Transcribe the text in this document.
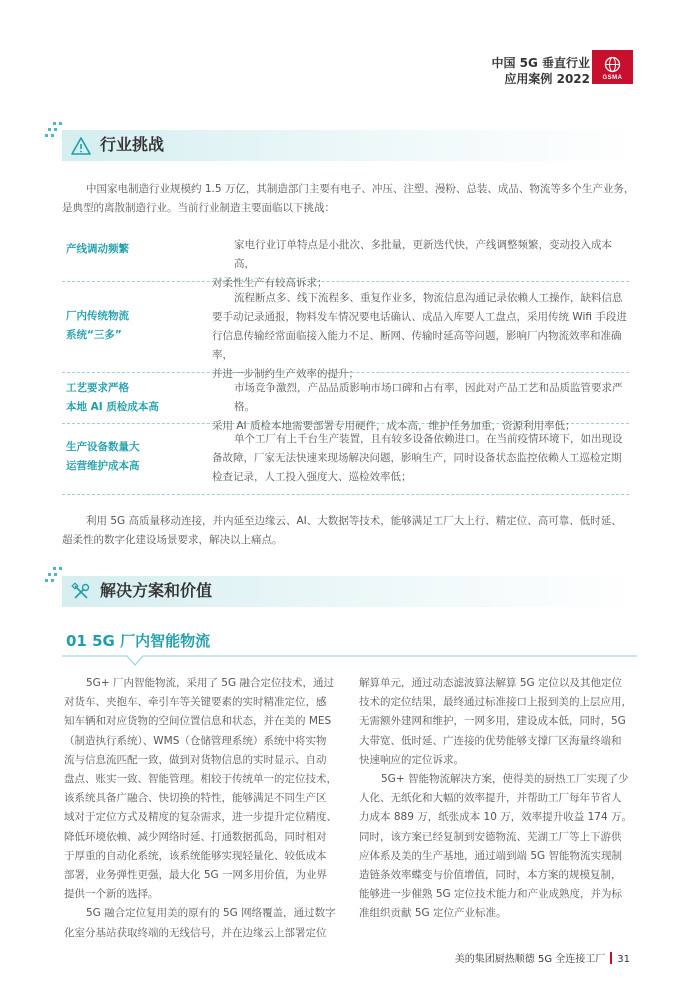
中国 5G 垂直行业
应用案例 2022	GSMA
行业挑战
中国家电制造行业规模约 1.5 万亿，其制造部门主要有电子、冲压、注塑、漫粉、总装、成品、物流等多个生产业务，
是典型的离散制造行业。当前行业制造主要面临以下挑战：
产线调动频繁	家电行业订单特点是小批次、多批量，更新迭代快，产线调整频繁，变动投入成本高，
对柔性生产有较高诉求；
厂内传统物流
系统“三多”
流程断点多、线下流程多、重复作业多，物流信息沟通记录依赖人工操作，缺料信息
要手动记录通报，物料发车情况要电话确认、成品入库要人工盘点，采用传统 Wifi 手段进
行信息传输经常面临接入能力不足、断网、传输时延高等问题，影响厂内物流效率和准确率，
并进一步制约生产效率的提升；
工艺要求严格
本地 AI 质检成本高
市场竞争激烈，产品品质影响市场口碑和占有率，因此对产品工艺和品质监管要求严格。
采用 AI 质检本地需要部署专用硬件，成本高，维护任务加重，资源利用率低；
生产设备数量大
运营维护成本高
单个工厂有上千台生产装置，且有较多设备依赖进口。在当前疫情环境下，如出现设
备故障，厂家无法快速来现场解决问题，影响生产，同时设备状态监控依赖人工巡检定期
检查记录，人工投入强度大、巡检效率低；
利用 5G 高质量移动连接，并内延至边缘云、AI、大数据等技术，能够满足工厂大上行、精定位、高可靠、低时延、
超柔性的数字化建设场景要求，解决以上痛点。
解决方案和价值
01 5G 厂内智能物流
5G+ 厂内智能物流，采用了 5G 融合定位技术，通过
对货车、夹抱车、牵引车等关键要素的实时精准定位，感
知车辆和对应货物的空间位置信息和状态，并在美的 MES
（制造执行系统）、WMS（仓储管理系统）系统中将实物
流与信息流匹配一致，做到对货物信息的实时显示、自动
盘点、账实一致、智能管理。相较于传统单一的定位技术，
该系统具备广融合、快切换的特性，能够满足不同生产区
域对于定位方式及精度的复杂需求，进一步提升定位精度、
降低环境依赖、减少网络时延、打通数据孤岛，同时相对
于厚重的自动化系统，该系统能够实现轻量化、较低成本
部署，业务弹性更强，最大化 5G 一网多用价值，为业界
提供一个新的选择。
5G 融合定位复用美的原有的 5G 网络覆盖，通过数字
化室分基站获取终端的无线信号，并在边缘云上部署定位
解算单元，通过动态滤波算法解算 5G 定位以及其他定位
技术的定位结果，最终通过标准接口上报到美的上层应用，
无需额外建网和维护，一网多用，建设成本低，同时，5G
大带宽、低时延、广连接的优势能够支撑厂区海量终端和
快速响应的定位诉求。
5G+ 智能物流解决方案，使得美的厨热工厂实现了少
人化、无纸化和大幅的效率提升，并帮助工厂每年节省人
力成本 889 万，纸张成本 10 万，效率提升收益 174 万。
同时，该方案已经复制到安德物流、芜湖工厂等上下游供
应体系及美的生产基地，通过端到端 5G 智能物流实现制
造链条效率蝶变与价值增值，同时，本方案的规模复制，
能够进一步催熟 5G 定位技术能力和产业成熟度，并为标
准组织贡献 5G 定位产业标准。
美的集团厨热顺德 5G 全连接工厂 31
